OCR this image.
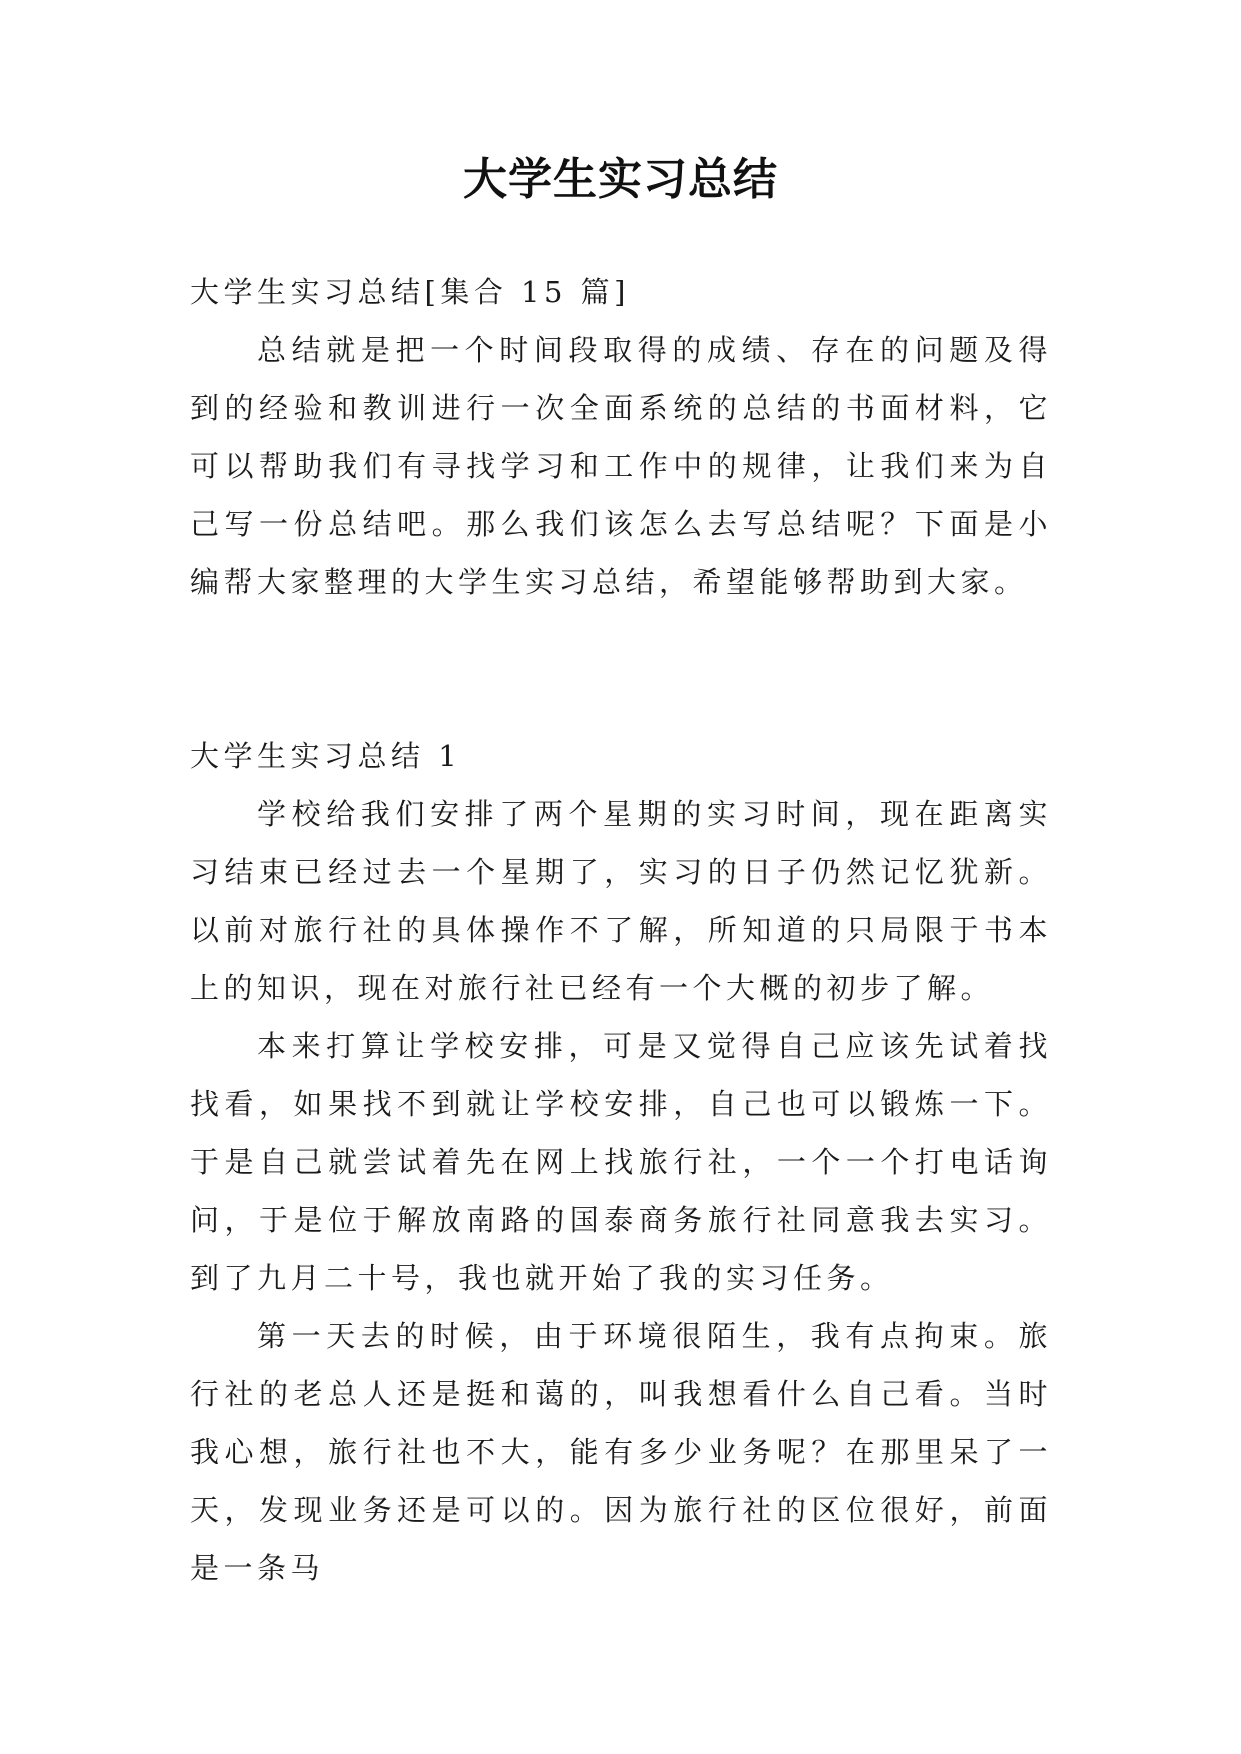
大学生实习总结

大学生实习总结[集合 15 篇]

总结就是把一个时间段取得的成绩、存在的问题及得到的经验和教训进行一次全面系统的总结的书面材料，它可以帮助我们有寻找学习和工作中的规律，让我们来为自己写一份总结吧。那么我们该怎么去写总结呢？下面是小编帮大家整理的大学生实习总结，希望能够帮助到大家。

大学生实习总结 1

学校给我们安排了两个星期的实习时间，现在距离实习结束已经过去一个星期了，实习的日子仍然记忆犹新。以前对旅行社的具体操作不了解，所知道的只局限于书本上的知识，现在对旅行社已经有一个大概的初步了解。

本来打算让学校安排，可是又觉得自己应该先试着找找看，如果找不到就让学校安排，自己也可以锻炼一下。于是自己就尝试着先在网上找旅行社，一个一个打电话询问，于是位于解放南路的国泰商务旅行社同意我去实习。到了九月二十号，我也就开始了我的实习任务。

第一天去的时候，由于环境很陌生，我有点拘束。旅行社的老总人还是挺和蔼的，叫我想看什么自己看。当时我心想，旅行社也不大，能有多少业务呢？在那里呆了一天，发现业务还是可以的。因为旅行社的区位很好，前面是一条马
